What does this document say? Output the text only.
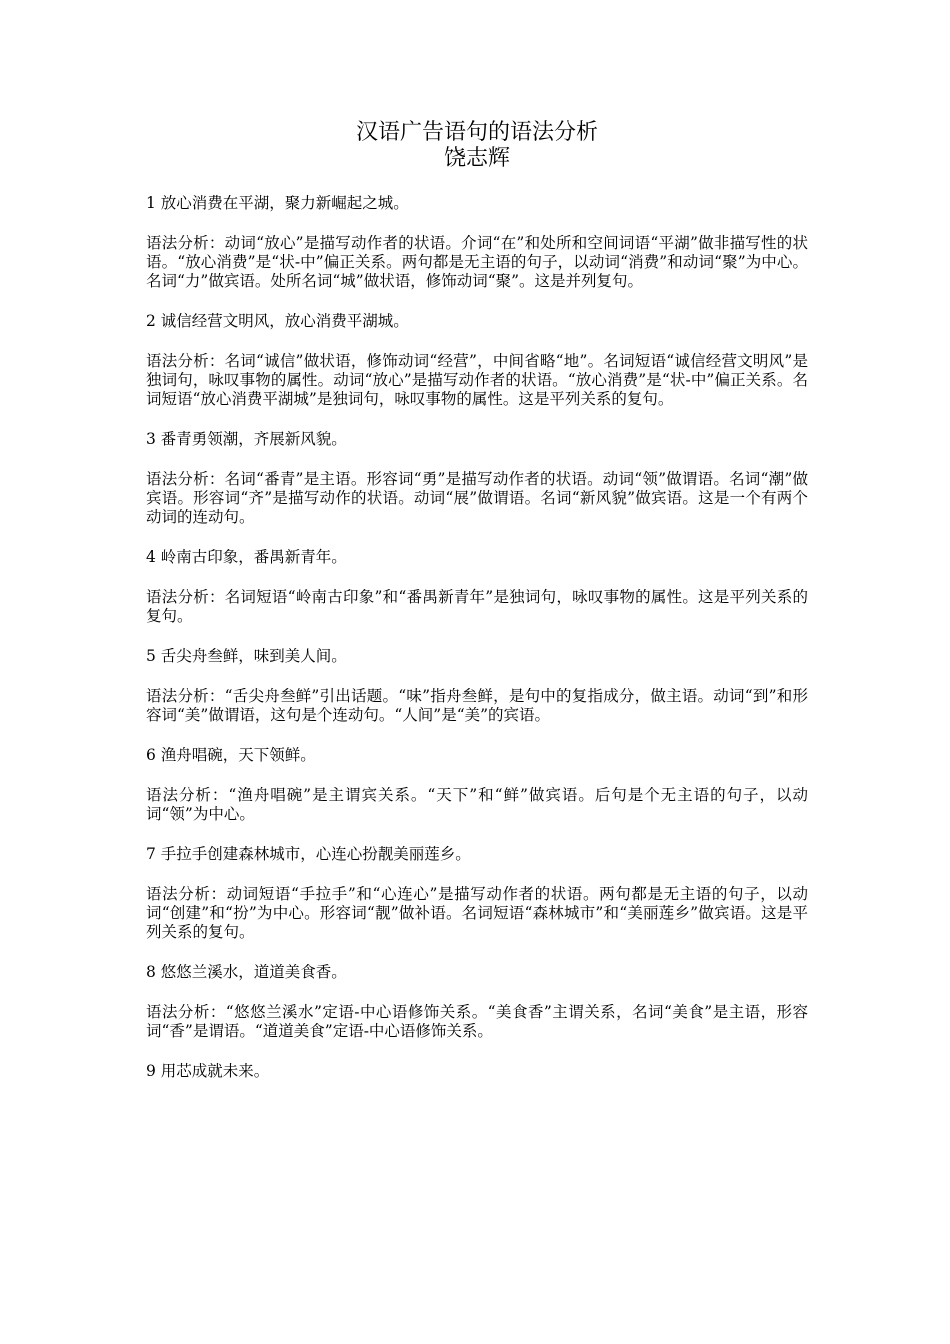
汉语广告语句的语法分析
饶志辉

1 放心消费在平湖，聚力新崛起之城。

语法分析：动词“放心”是描写动作者的状语。介词“在”和处所和空间词语“平湖”做非描写性的状语。“放心消费”是“状-中”偏正关系。两句都是无主语的句子，以动词“消费”和动词“聚”为中心。名词“力”做宾语。处所名词“城”做状语，修饰动词“聚”。这是并列复句。

2 诚信经营文明风，放心消费平湖城。

语法分析：名词“诚信”做状语，修饰动词“经营”，中间省略“地”。名词短语“诚信经营文明风”是独词句，咏叹事物的属性。动词“放心”是描写动作者的状语。“放心消费”是“状-中”偏正关系。名词短语“放心消费平湖城”是独词句，咏叹事物的属性。这是平列关系的复句。

3 番青勇领潮，齐展新风貌。

语法分析：名词“番青”是主语。形容词“勇”是描写动作者的状语。动词“领”做谓语。名词“潮”做宾语。形容词“齐”是描写动作的状语。动词“展”做谓语。名词“新风貌”做宾语。这是一个有两个动词的连动句。

4 岭南古印象，番禺新青年。

语法分析：名词短语“岭南古印象”和“番禺新青年”是独词句，咏叹事物的属性。这是平列关系的复句。

5 舌尖舟叁鲜，味到美人间。

语法分析：“舌尖舟叁鲜”引出话题。“味”指舟叁鲜，是句中的复指成分，做主语。动词“到”和形容词“美”做谓语，这句是个连动句。“人间”是“美”的宾语。

6 渔舟唱碗，天下领鲜。

语法分析：“渔舟唱碗”是主谓宾关系。“天下”和“鲜”做宾语。后句是个无主语的句子，以动词“领”为中心。

7 手拉手创建森林城市，心连心扮靓美丽莲乡。

语法分析：动词短语“手拉手”和“心连心”是描写动作者的状语。两句都是无主语的句子，以动词“创建”和“扮”为中心。形容词“靓”做补语。名词短语“森林城市”和“美丽莲乡”做宾语。这是平列关系的复句。

8 悠悠兰溪水，道道美食香。

语法分析：“悠悠兰溪水”定语-中心语修饰关系。“美食香”主谓关系，名词“美食”是主语，形容词“香”是谓语。“道道美食”定语-中心语修饰关系。

9 用芯成就未来。
